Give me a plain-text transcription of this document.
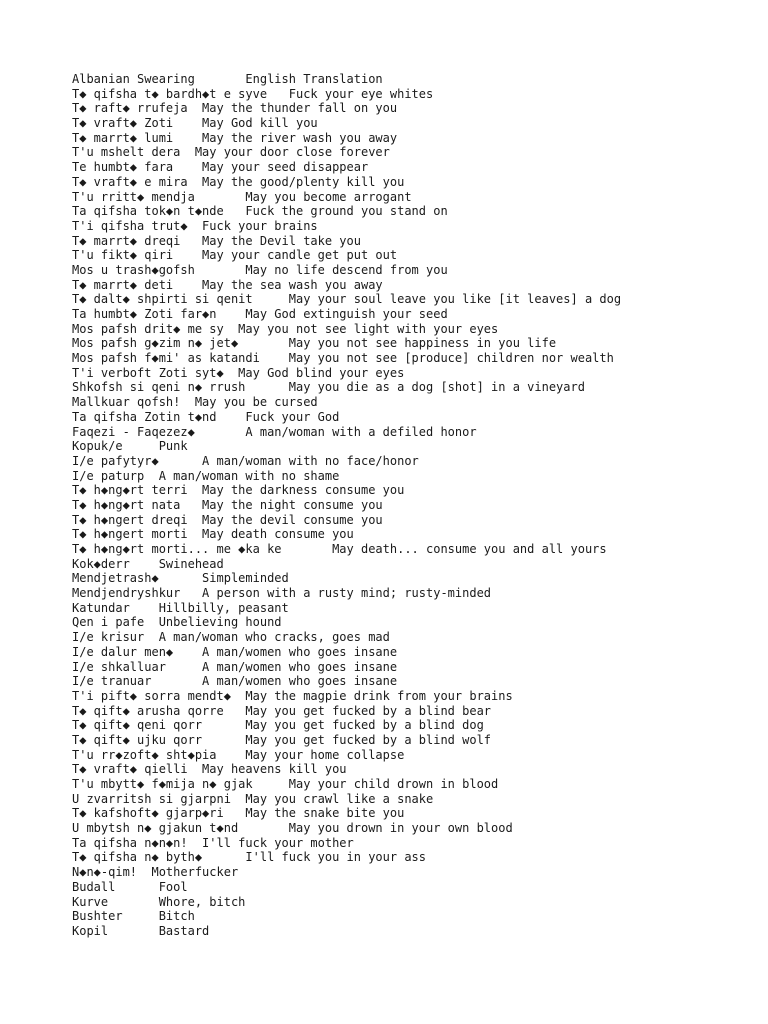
Albanian Swearing       English Translation
T◆ qifsha t◆ bardh◆t e syve   Fuck your eye whites
T◆ raft◆ rrufeja  May the thunder fall on you
T◆ vraft◆ Zoti    May God kill you
T◆ marrt◆ lumi    May the river wash you away
T'u mshelt dera  May your door close forever
Te humbt◆ fara    May your seed disappear
T◆ vraft◆ e mira  May the good/plenty kill you
T'u rritt◆ mendja       May you become arrogant
Ta qifsha tok◆n t◆nde   Fuck the ground you stand on
T'i qifsha trut◆  Fuck your brains
T◆ marrt◆ dreqi   May the Devil take you
T'u fikt◆ qiri    May your candle get put out
Mos u trash◆gofsh       May no life descend from you
T◆ marrt◆ deti    May the sea wash you away
T◆ dalt◆ shpirti si qenit     May your soul leave you like [it leaves] a dog
Ta humbt◆ Zoti far◆n    May God extinguish your seed
Mos pafsh drit◆ me sy  May you not see light with your eyes
Mos pafsh g◆zim n◆ jet◆       May you not see happiness in you life
Mos pafsh f◆mi' as katandi    May you not see [produce] children nor wealth
T'i verboft Zoti syt◆  May God blind your eyes
Shkofsh si qeni n◆ rrush      May you die as a dog [shot] in a vineyard
Mallkuar qofsh!  May you be cursed
Ta qifsha Zotin t◆nd    Fuck your God
Faqezi - Faqezez◆       A man/woman with a defiled honor
Kopuk/e     Punk
I/e pafytyr◆      A man/woman with no face/honor
I/e paturp  A man/woman with no shame
T◆ h◆ng◆rt terri  May the darkness consume you
T◆ h◆ng◆rt nata   May the night consume you
T◆ h◆ngert dreqi  May the devil consume you
T◆ h◆ngert morti  May death consume you
T◆ h◆ng◆rt morti... me ◆ka ke       May death... consume you and all yours
Kok◆derr    Swinehead
Mendjetrash◆      Simpleminded
Mendjendryshkur   A person with a rusty mind; rusty-minded
Katundar    Hillbilly, peasant
Qen i pafe  Unbelieving hound
I/e krisur  A man/woman who cracks, goes mad
I/e dalur men◆    A man/women who goes insane
I/e shkalluar     A man/women who goes insane
I/e tranuar       A man/women who goes insane
T'i pift◆ sorra mendt◆  May the magpie drink from your brains
T◆ qift◆ arusha qorre   May you get fucked by a blind bear
T◆ qift◆ qeni qorr      May you get fucked by a blind dog
T◆ qift◆ ujku qorr      May you get fucked by a blind wolf
T'u rr◆zoft◆ sht◆pia    May your home collapse
T◆ vraft◆ qielli  May heavens kill you
T'u mbytt◆ f◆mija n◆ gjak     May your child drown in blood
U zvarritsh si gjarpni  May you crawl like a snake
T◆ kafshoft◆ gjarp◆ri   May the snake bite you
U mbytsh n◆ gjakun t◆nd       May you drown in your own blood
Ta qifsha n◆n◆n!  I'll fuck your mother
T◆ qifsha n◆ byth◆      I'll fuck you in your ass
N◆n◆-qim!  Motherfucker
Budall      Fool
Kurve       Whore, bitch
Bushter     Bitch
Kopil       Bastard
